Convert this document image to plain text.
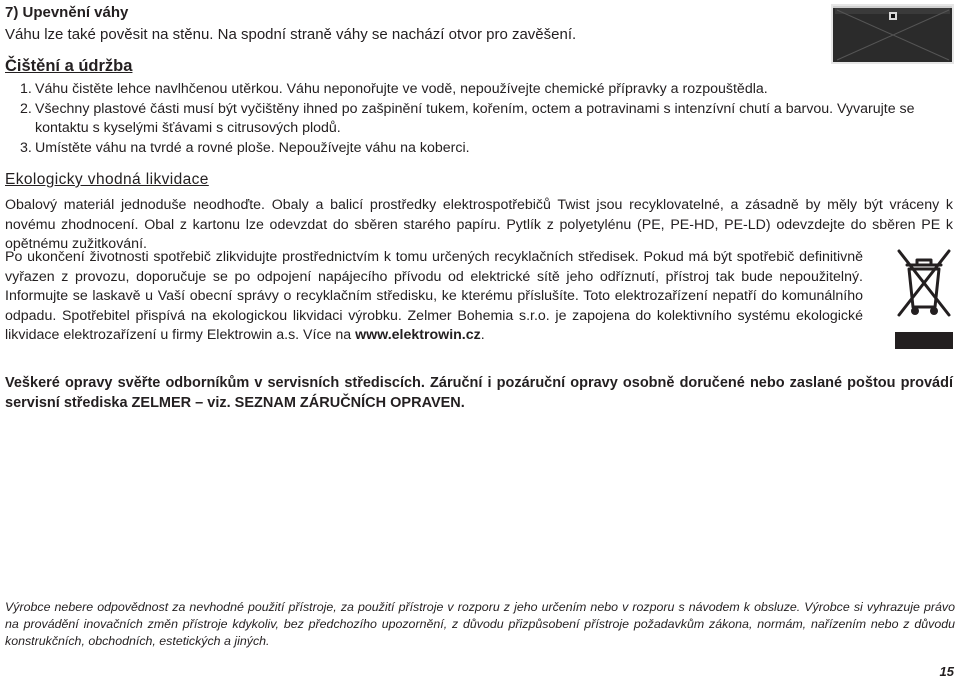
7) Upevnění váhy
Váhu lze také pověsit na stěnu. Na spodní straně váhy se nachází otvor pro zavěšení.
Čištění a údržba
1. Váhu čistěte lehce navlhčenou utěrkou. Váhu neponořujte ve vodě, nepoužívejte chemické přípravky a rozpouštědla.
2. Všechny plastové části musí být vyčištěny ihned po zašpinění tukem, kořením, octem a potravinami s intenzívní chutí a barvou. Vyvarujte se kontaktu s kyselými šťávami s citrusových plodů.
3. Umístěte váhu na tvrdé a rovné ploše. Nepoužívejte váhu na koberci.
Ekologicky vhodná likvidace
Obalový materiál jednoduše neodhoďte. Obaly a balicí prostředky elektrospotřebičů Twist jsou recyklovatelné, a zásadně by měly být vráceny k novému zhodnocení. Obal z kartonu lze odevzdat do sběren starého papíru. Pytlík z polyetylénu (PE, PE-HD, PE-LD) odevzdejte do sběren PE k opětnému zužitkování.
Po ukončení životnosti spotřebič zlikvidujte prostřednictvím k tomu určených recyklačních středisek. Pokud má být spotřebič definitivně vyřazen z provozu, doporučuje se po odpojení napájecího přívodu od elektrické sítě jeho odříznutí, přístroj tak bude nepoužitelný. Informujte se laskavě u Vaší obecní správy o recyklačním středisku, ke kterému příslušíte. Toto elektrozařízení nepatří do komunálního odpadu. Spotřebitel přispívá na ekologickou likvidaci výrobku. Zelmer Bohemia s.r.o. je zapojena do kolektivního systému ekologické likvidace elektrozařízení u firmy Elektrowin a.s. Více na www.elektrowin.cz.
Veškeré opravy svěřte odborníkům v servisních střediscích. Záruční i pozáruční opravy osobně doručené nebo zaslané poštou provádí servisní střediska ZELMER – viz. SEZNAM ZÁRUČNÍCH OPRAVEN.
Výrobce nebere odpovědnost za nevhodné použití přístroje, za použití přístroje v rozporu z jeho určením nebo v rozporu s návodem k obsluze. Výrobce si vyhrazuje právo na provádění inovačních změn přístroje kdykoliv, bez předchozího upozornění, z důvodu přizpůsobení přístroje požadavkům zákona, normám, nařízením nebo z důvodu konstrukčních, obchodních, estetických a jiných.
15
